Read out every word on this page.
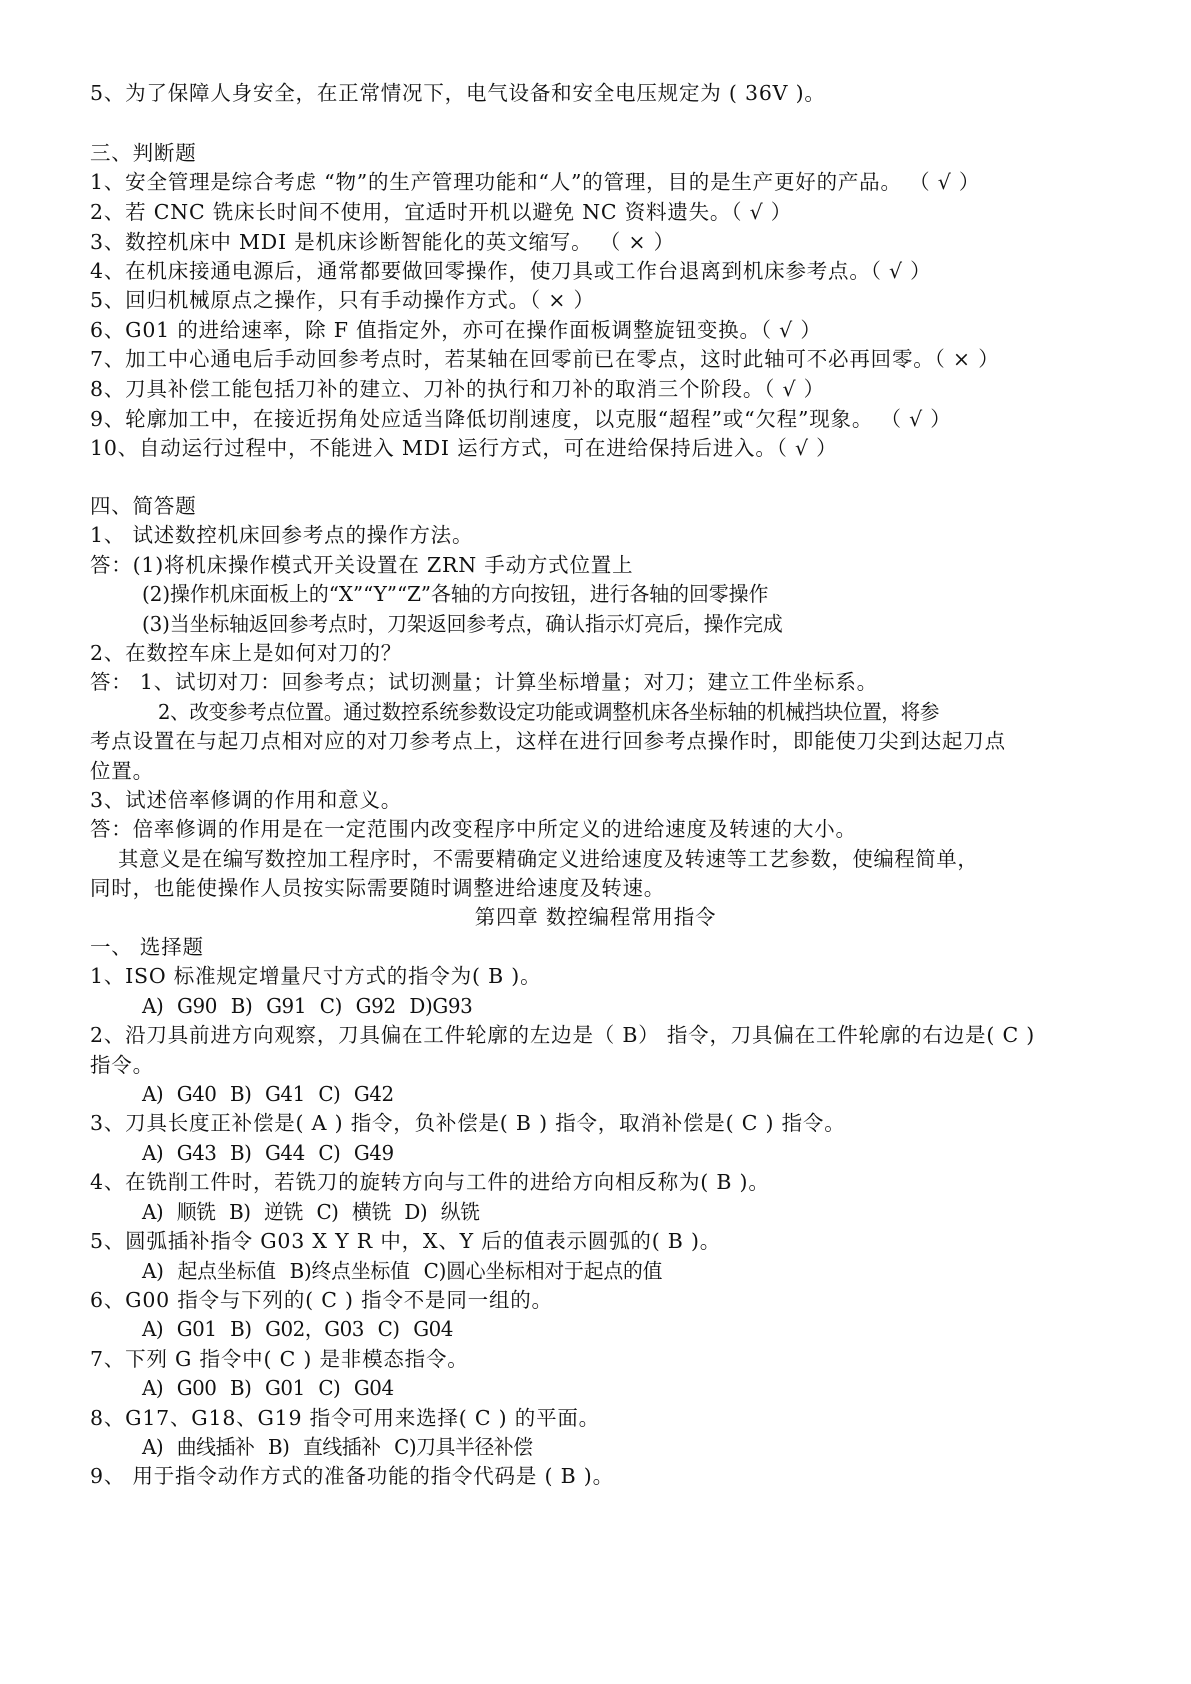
5、为了保障人身安全，在正常情况下，电气设备和安全电压规定为 ( 36V )。
三、判断题
1、安全管理是综合考虑 “物”的生产管理功能和“人”的管理，目的是生产更好的产品。 （ √ ）
2、若 CNC 铣床长时间不使用，宜适时开机以避免 NC 资料遗失。（ √ ）
3、数控机床中 MDI 是机床诊断智能化的英文缩写。 （ × ）
4、在机床接通电源后，通常都要做回零操作，使刀具或工作台退离到机床参考点。（ √ ）
5、回归机械原点之操作，只有手动操作方式。（ × ）
6、G01 的进给速率，除 F 值指定外，亦可在操作面板调整旋钮变换。（ √ ）
7、加工中心通电后手动回参考点时，若某轴在回零前已在零点，这时此轴可不必再回零。（ × ）
8、刀具补偿工能包括刀补的建立、刀补的执行和刀补的取消三个阶段。（ √ ）
9、轮廓加工中，在接近拐角处应适当降低切削速度，以克服“超程”或“欠程”现象。 （ √ ）
10、自动运行过程中，不能进入 MDI 运行方式，可在进给保持后进入。（ √ ）
四、简答题
1、 试述数控机床回参考点的操作方法。
答：(1)将机床操作模式开关设置在 ZRN 手动方式位置上
(2)操作机床面板上的“X”“Y”“Z”各轴的方向按钮，进行各轴的回零操作
(3)当坐标轴返回参考点时，刀架返回参考点，确认指示灯亮后，操作完成
2、在数控车床上是如何对刀的？
答： 1、试切对刀：回参考点；试切测量；计算坐标增量；对刀；建立工件坐标系。
2、改变参考点位置。通过数控系统参数设定功能或调整机床各坐标轴的机械挡块位置，将参
考点设置在与起刀点相对应的对刀参考点上，这样在进行回参考点操作时，即能使刀尖到达起刀点
位置。
3、试述倍率修调的作用和意义。
答：倍率修调的作用是在一定范围内改变程序中所定义的进给速度及转速的大小。
其意义是在编写数控加工程序时，不需要精确定义进给速度及转速等工艺参数，使编程简单，
同时，也能使操作人员按实际需要随时调整进给速度及转速。
第四章 数控编程常用指令
一、 选择题
1、ISO 标准规定增量尺寸方式的指令为( B )。
A) G90 B) G91 C) G92 D)G93
2、沿刀具前进方向观察，刀具偏在工件轮廓的左边是（ B） 指令，刀具偏在工件轮廓的右边是( C )
指令。
A) G40 B) G41 C) G42
3、刀具长度正补偿是( A ) 指令，负补偿是( B ) 指令，取消补偿是( C ) 指令。
A) G43 B) G44 C) G49
4、在铣削工件时，若铣刀的旋转方向与工件的进给方向相反称为( B )。
A) 顺铣 B) 逆铣 C) 横铣 D) 纵铣
5、圆弧插补指令 G03 X Y R 中，X、Y 后的值表示圆弧的( B )。
A) 起点坐标值 B)终点坐标值 C)圆心坐标相对于起点的值
6、G00 指令与下列的( C ) 指令不是同一组的。
A) G01 B) G02，G03 C) G04
7、下列 G 指令中( C ) 是非模态指令。
A) G00 B) G01 C) G04
8、G17、G18、G19 指令可用来选择( C ) 的平面。
A) 曲线插补 B) 直线插补 C)刀具半径补偿
9、 用于指令动作方式的准备功能的指令代码是 ( B )。
